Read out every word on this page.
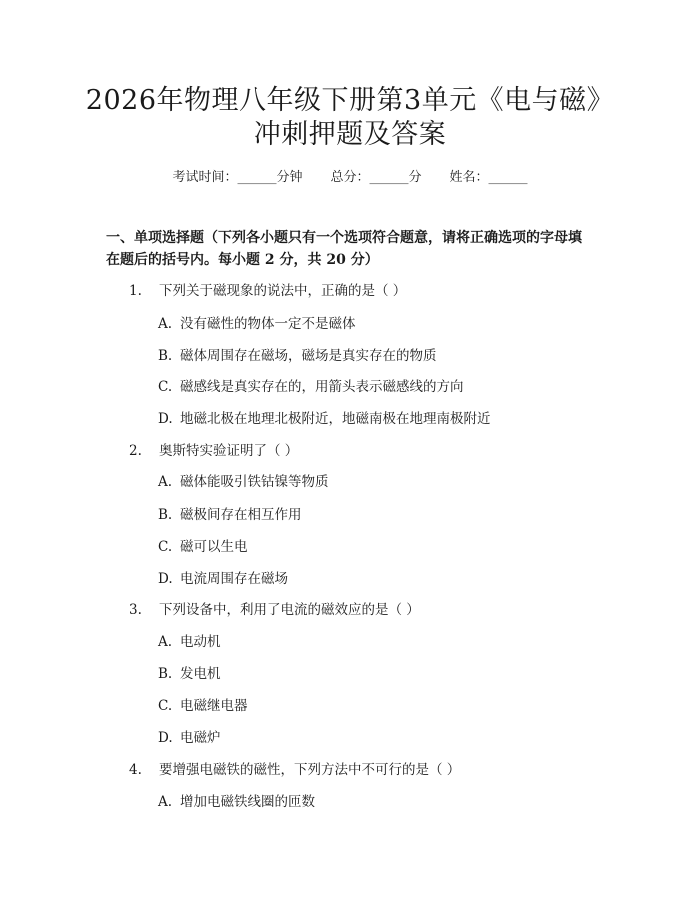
2026年物理八年级下册第3单元《电与磁》
冲刺押题及答案
考试时间：______分钟 总分：______分 姓名：______
一、单项选择题（下列各小题只有一个选项符合题意，请将正确选项的字母填在题后的括号内。每小题 2 分，共 20 分）
1. 下列关于磁现象的说法中，正确的是（ ）
A. 没有磁性的物体一定不是磁体
B. 磁体周围存在磁场，磁场是真实存在的物质
C. 磁感线是真实存在的，用箭头表示磁感线的方向
D. 地磁北极在地理北极附近，地磁南极在地理南极附近
2. 奥斯特实验证明了（ ）
A. 磁体能吸引铁钴镍等物质
B. 磁极间存在相互作用
C. 磁可以生电
D. 电流周围存在磁场
3. 下列设备中，利用了电流的磁效应的是（ ）
A. 电动机
B. 发电机
C. 电磁继电器
D. 电磁炉
4. 要增强电磁铁的磁性，下列方法中不可行的是（ ）
A. 增加电磁铁线圈的匝数
